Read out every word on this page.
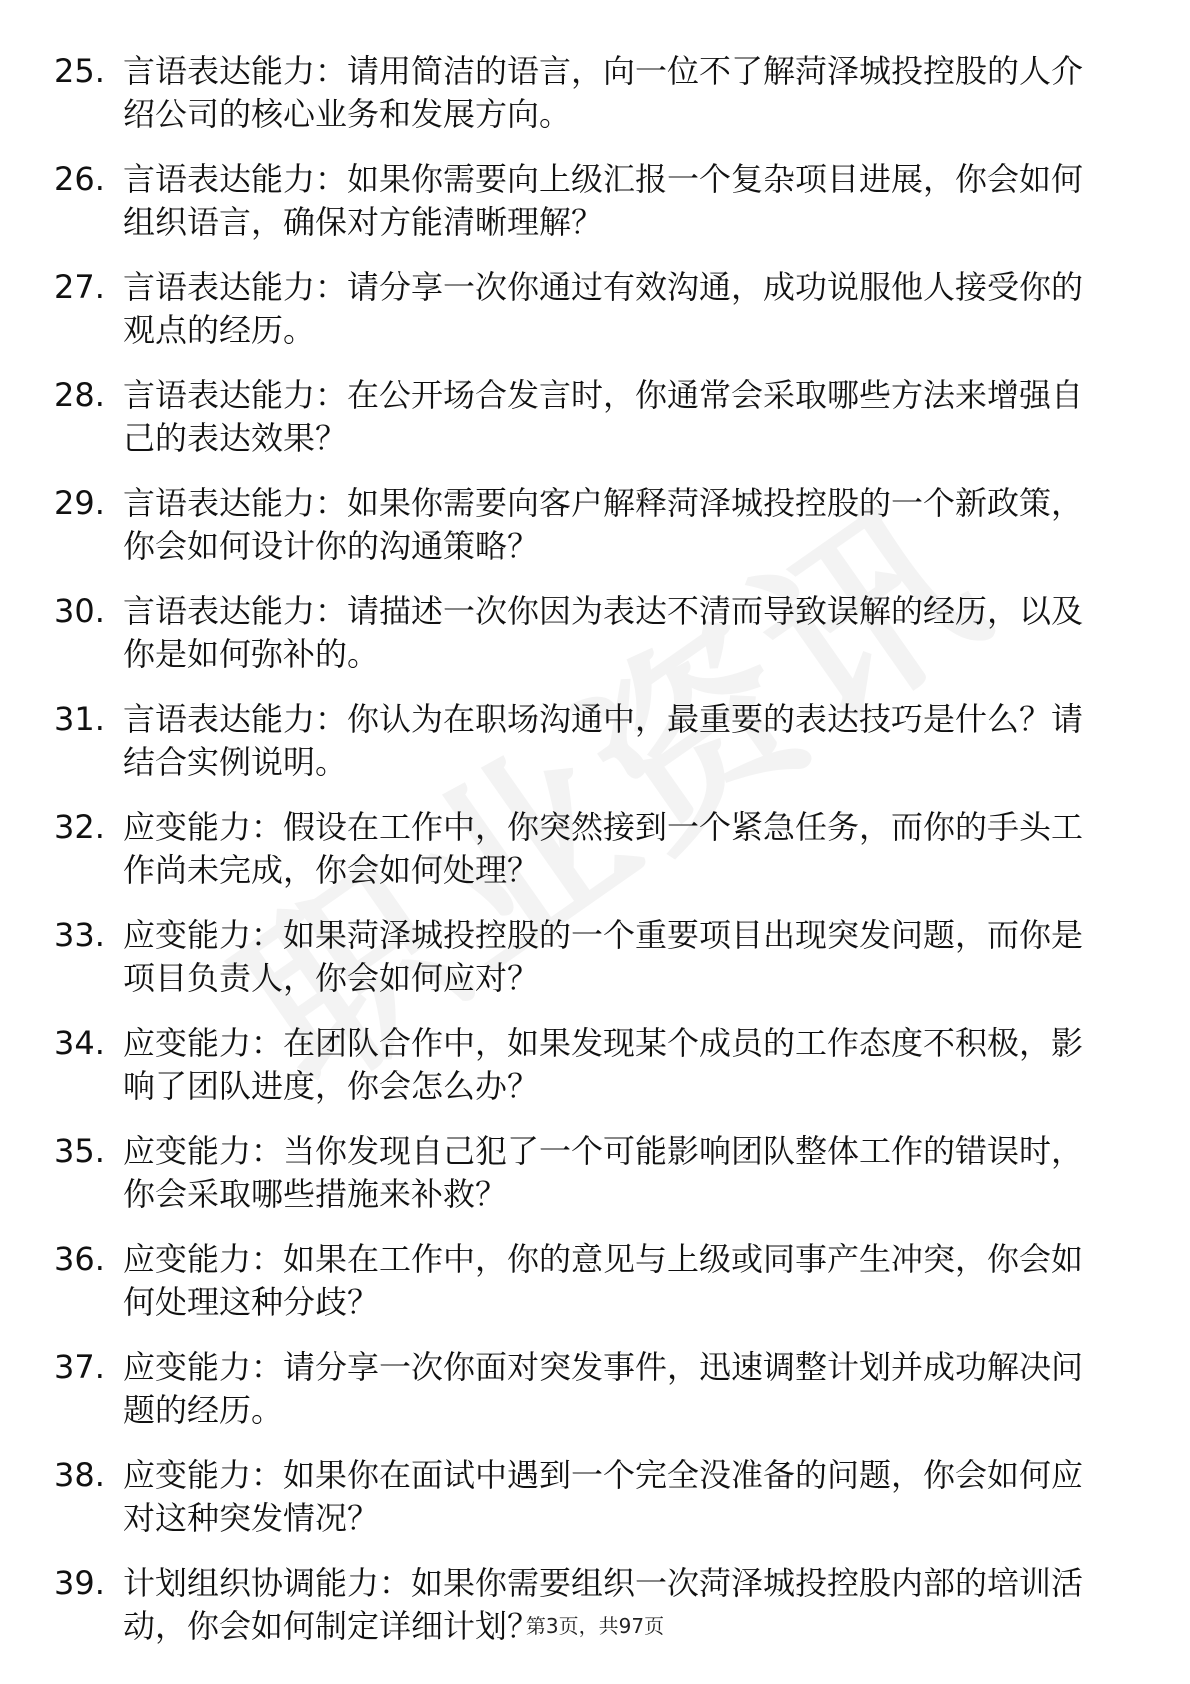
25. 言语表达能力：请用简洁的语言，向一位不了解菏泽城投控股的人介绍公司的核心业务和发展方向。
26. 言语表达能力：如果你需要向上级汇报一个复杂项目进展，你会如何组织语言，确保对方能清晰理解？
27. 言语表达能力：请分享一次你通过有效沟通，成功说服他人接受你的观点的经历。
28. 言语表达能力：在公开场合发言时，你通常会采取哪些方法来增强自己的表达效果？
29. 言语表达能力：如果你需要向客户解释菏泽城投控股的一个新政策，你会如何设计你的沟通策略？
30. 言语表达能力：请描述一次你因为表达不清而导致误解的经历，以及你是如何弥补的。
31. 言语表达能力：你认为在职场沟通中，最重要的表达技巧是什么？请结合实例说明。
32. 应变能力：假设在工作中，你突然接到一个紧急任务，而你的手头工作尚未完成，你会如何处理？
33. 应变能力：如果菏泽城投控股的一个重要项目出现突发问题，而你是项目负责人，你会如何应对？
34. 应变能力：在团队合作中，如果发现某个成员的工作态度不积极，影响了团队进度，你会怎么办？
35. 应变能力：当你发现自己犯了一个可能影响团队整体工作的错误时，你会采取哪些措施来补救？
36. 应变能力：如果在工作中，你的意见与上级或同事产生冲突，你会如何处理这种分歧？
37. 应变能力：请分享一次你面对突发事件，迅速调整计划并成功解决问题的经历。
38. 应变能力：如果你在面试中遇到一个完全没准备的问题，你会如何应对这种突发情况？
39. 计划组织协调能力：如果你需要组织一次菏泽城投控股内部的培训活动，你会如何制定详细计划？
第3页，共97页
